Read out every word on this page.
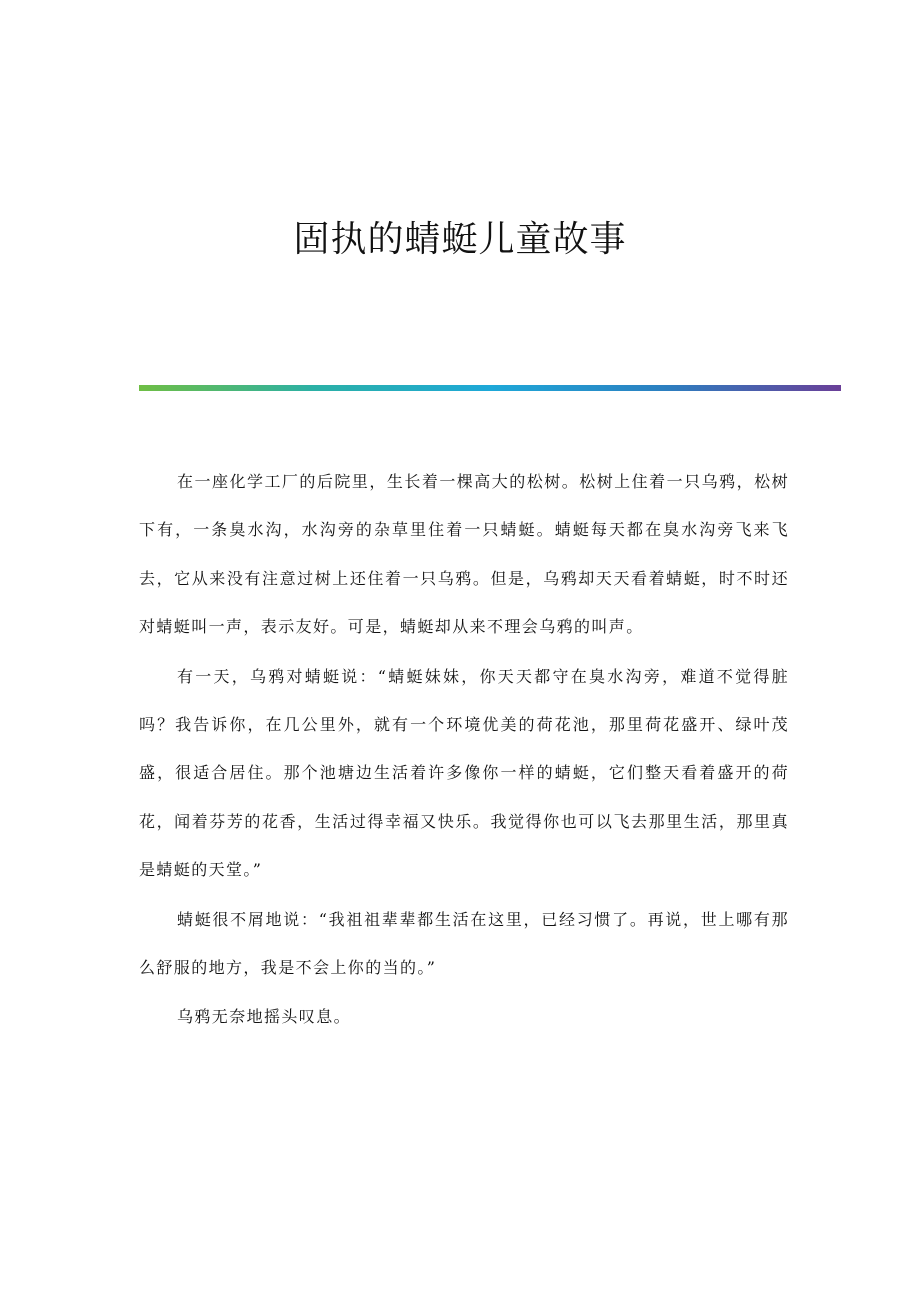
固执的蜻蜓儿童故事

在一座化学工厂的后院里，生长着一棵高大的松树。松树上住着一只乌鸦，松树下有，一条臭水沟，水沟旁的杂草里住着一只蜻蜓。蜻蜓每天都在臭水沟旁飞来飞去，它从来没有注意过树上还住着一只乌鸦。但是，乌鸦却天天看着蜻蜓，时不时还对蜻蜓叫一声，表示友好。可是，蜻蜓却从来不理会乌鸦的叫声。

有一天，乌鸦对蜻蜓说：“蜻蜓妹妹，你天天都守在臭水沟旁，难道不觉得脏吗？我告诉你，在几公里外，就有一个环境优美的荷花池，那里荷花盛开、绿叶茂盛，很适合居住。那个池塘边生活着许多像你一样的蜻蜓，它们整天看着盛开的荷花，闻着芬芳的花香，生活过得幸福又快乐。我觉得你也可以飞去那里生活，那里真是蜻蜓的天堂。”

蜻蜓很不屑地说：“我祖祖辈辈都生活在这里，已经习惯了。再说，世上哪有那么舒服的地方，我是不会上你的当的。”

乌鸦无奈地摇头叹息。
